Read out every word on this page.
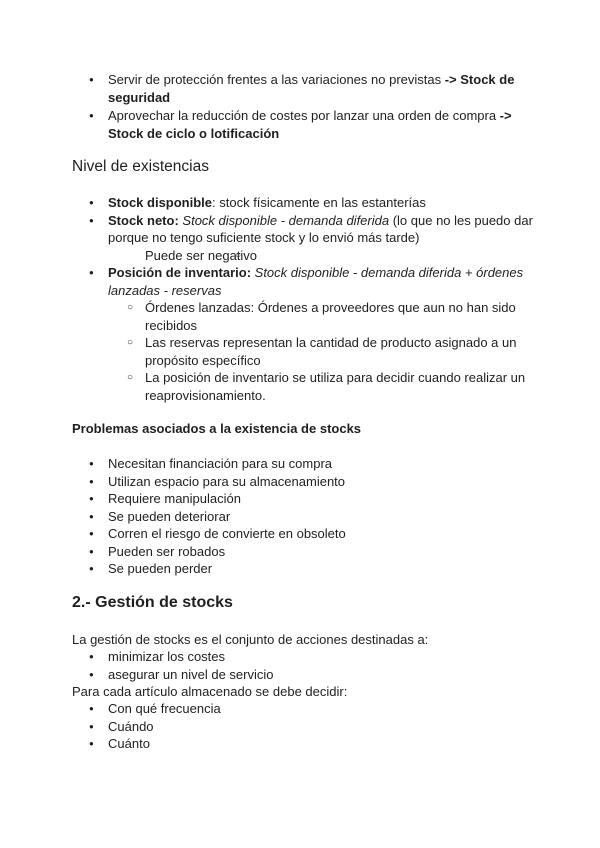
● Servir de protección frentes a las variaciones no previstas -> Stock de seguridad
● Aprovechar la reducción de costes por lanzar una orden de compra -> Stock de ciclo o lotificación
Nivel de existencias
● Stock disponible: stock físicamente en las estanterías
● Stock neto: Stock disponible - demanda diferida (lo que no les puedo dar porque no tengo suficiente stock y lo envió más tarde)
○ Puede ser negativo
● Posición de inventario: Stock disponible - demanda diferida + órdenes lanzadas - reservas
○ Órdenes lanzadas: Órdenes a proveedores que aun no han sido recibidos
○ Las reservas representan la cantidad de producto asignado a un propósito específico
○ La posición de inventario se utiliza para decidir cuando realizar un reaprovisionamiento.
Problemas asociados a la existencia de stocks
● Necesitan financiación para su compra
● Utilizan espacio para su almacenamiento
● Requiere manipulación
● Se pueden deteriorar
● Corren el riesgo de convierte en obsoleto
● Pueden ser robados
● Se pueden perder
2.- Gestión de stocks

La gestión de stocks es el conjunto de acciones destinadas a:

● minimizar los costes
● asegurar un nivel de servicio

Para cada artículo almacenado se debe decidir:

● Con qué frecuencia
● Cuándo
● Cuánto
